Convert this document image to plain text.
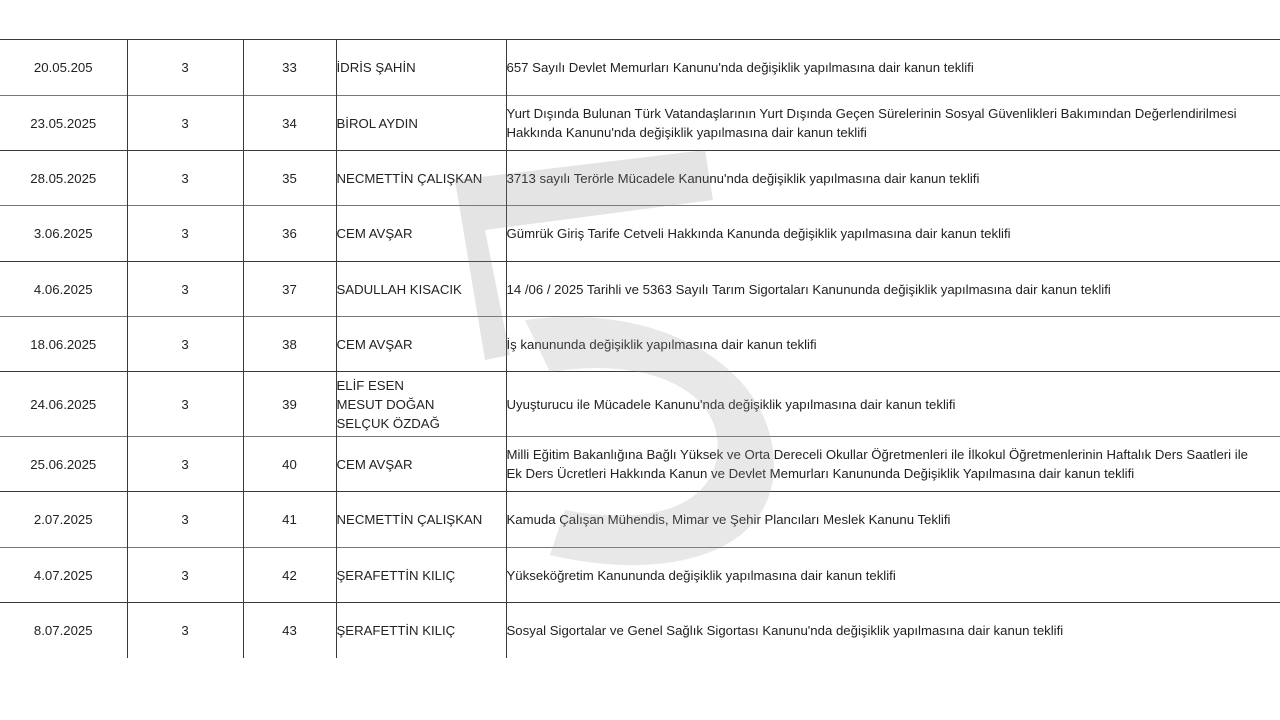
20.05.205	3	33	İDRİS ŞAHİN	657 Sayılı Devlet Memurları Kanunu'nda değişiklik yapılmasına dair kanun teklifi

23.05.2025	3	34	BİROL AYDIN	Yurt Dışında Bulunan Türk Vatandaşlarının Yurt Dışında Geçen Sürelerinin Sosyal Güvenlikleri Bakımından Değerlendirilmesi
Hakkında Kanunu'nda değişiklik yapılmasına dair kanun teklifi

28.05.2025	3	35	NECMETTİN ÇALIŞKAN	3713 sayılı Terörle Mücadele Kanunu'nda değişiklik yapılmasına dair kanun teklifi

3.06.2025	3	36	CEM AVŞAR	Gümrük Giriş Tarife Cetveli Hakkında Kanunda değişiklik yapılmasına dair kanun teklifi

4.06.2025	3	37	SADULLAH KISACIK	14 /06 / 2025 Tarihli ve 5363 Sayılı Tarım Sigortaları Kanununda değişiklik yapılmasına dair kanun teklifi

18.06.2025	3	38	CEM AVŞAR	İş kanununda değişiklik yapılmasına dair kanun teklifi

24.06.2025	3	39	ELİF ESEN
MESUT DOĞAN
SELÇUK ÖZDAĞ	Uyuşturucu ile Mücadele Kanunu'nda değişiklik yapılmasına dair kanun teklifi

25.06.2025	3	40	CEM AVŞAR	Milli Eğitim Bakanlığına Bağlı Yüksek ve Orta Dereceli Okullar Öğretmenleri ile İlkokul Öğretmenlerinin Haftalık Ders Saatleri ile
Ek Ders Ücretleri Hakkında Kanun ve Devlet Memurları Kanununda Değişiklik Yapılmasına dair kanun teklifi

2.07.2025	3	41	NECMETTİN ÇALIŞKAN	Kamuda Çalışan Mühendis, Mimar ve Şehir Plancıları Meslek Kanunu Teklifi

4.07.2025	3	42	ŞERAFETTİN KILIÇ	Yükseköğretim Kanununda değişiklik yapılmasına dair kanun teklifi

8.07.2025	3	43	ŞERAFETTİN KILIÇ	Sosyal Sigortalar ve Genel Sağlık Sigortası Kanunu'nda değişiklik yapılmasına dair kanun teklifi
